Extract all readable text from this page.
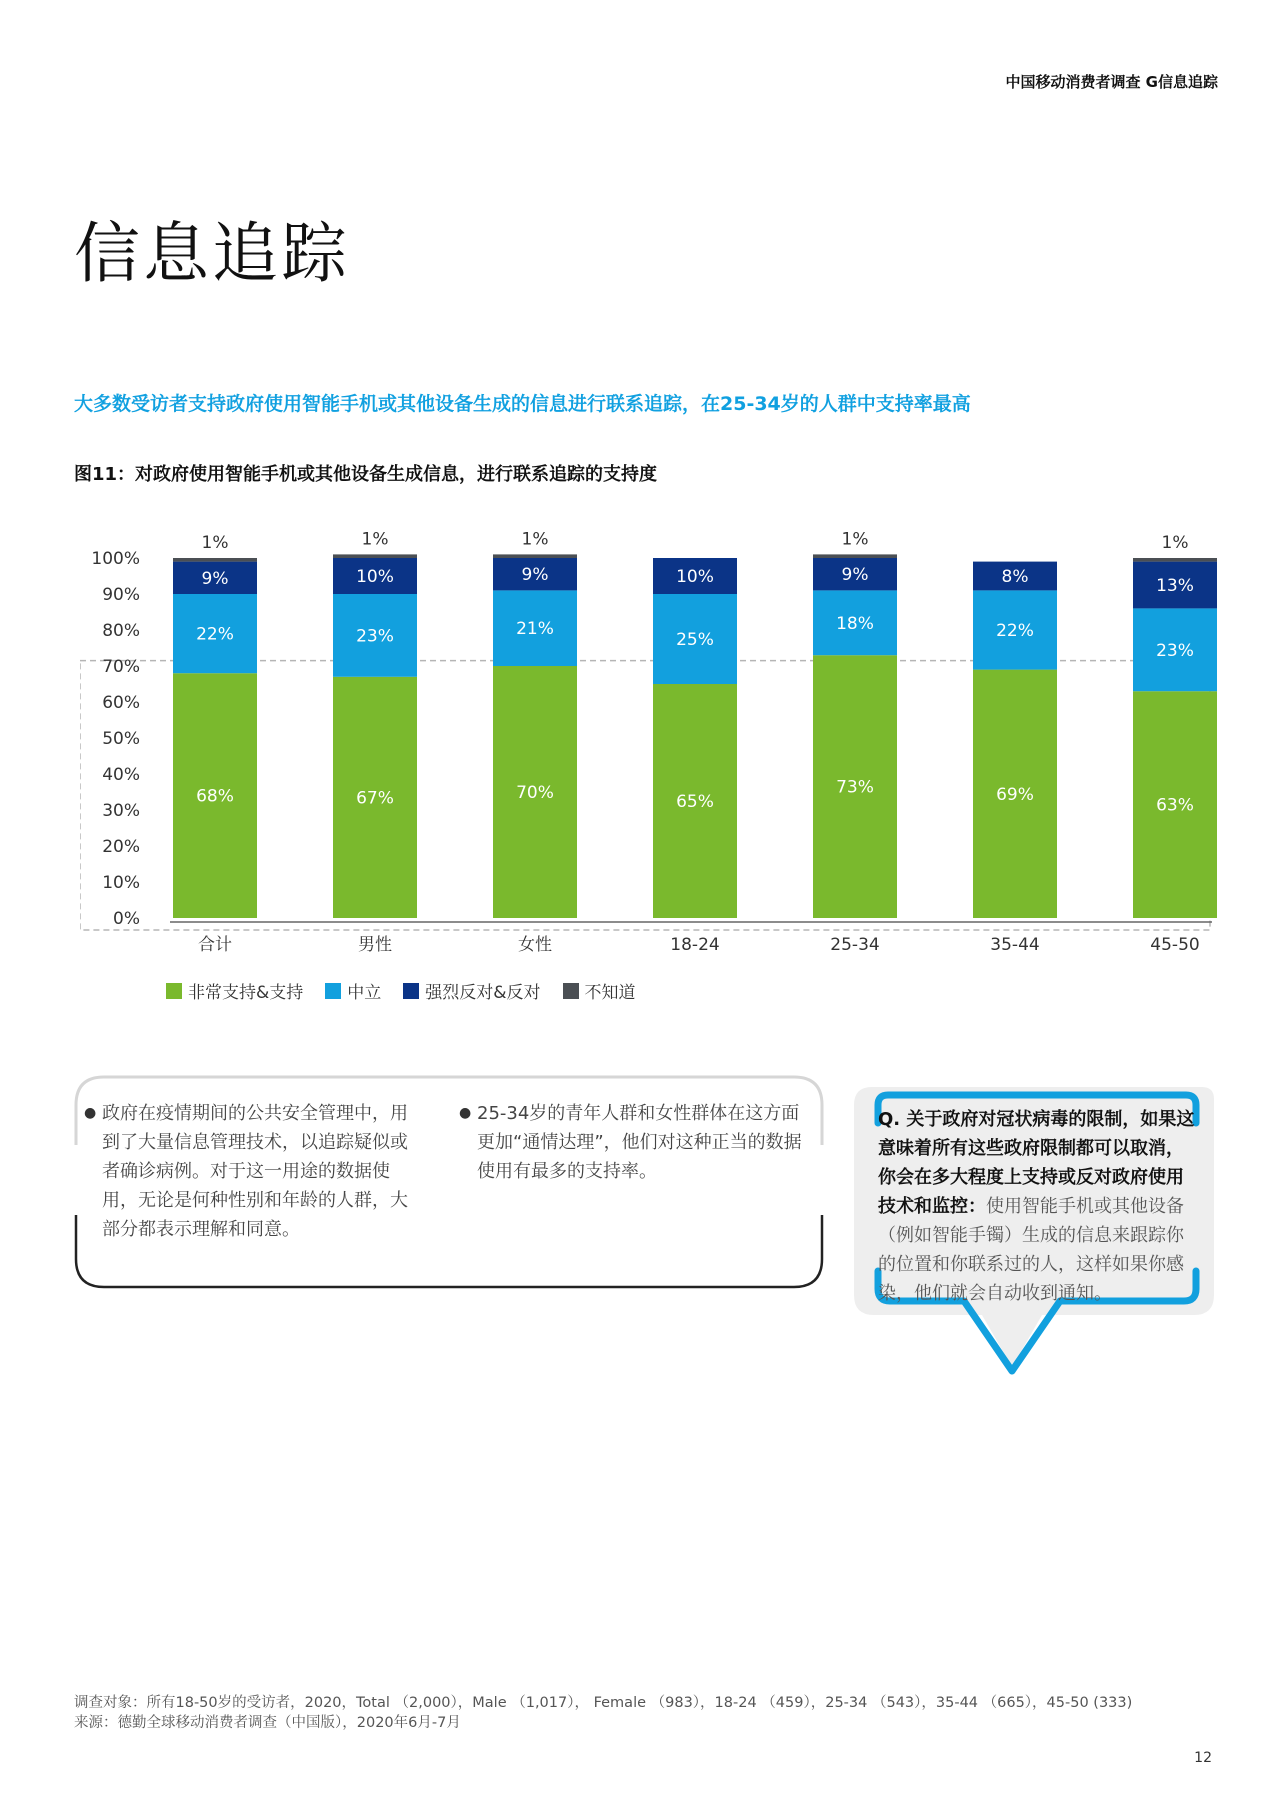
中国移动消费者调查 G信息追踪
信息追踪
大多数受访者支持政府使用智能手机或其他设备生成的信息进行联系追踪，在25-34岁的人群中支持率最高
图11：对政府使用智能手机或其他设备生成信息，进行联系追踪的支持度
0%
10%
20%
30%
40%
50%
60%
70%
80%
90%
100%
68%
22%
9%
1%
合计
67%
23%
10%
1%
男性
70%
21%
9%
1%
女性
65%
25%
10%
18-24
73%
18%
9%
1%
25-34
69%
22%
8%
35-44
63%
23%
13%
1%
45-50
非常支持&支持	中立	强烈反对&反对	不知道
● 政府在疫情期间的公共安全管理中，用到了大量信息管理技术，以追踪疑似或者确诊病例。对于这一用途的数据使用，无论是何种性别和年龄的人群，大部分都表示理解和同意。
● 25-34岁的青年人群和女性群体在这方面更加“通情达理”，他们对这种正当的数据使用有最多的支持率。
Q. 关于政府对冠状病毒的限制，如果这意味着所有这些政府限制都可以取消，你会在多大程度上支持或反对政府使用技术和监控：使用智能手机或其他设备（例如智能手镯）生成的信息来跟踪你的位置和你联系过的人，这样如果你感染，他们就会自动收到通知。
调查对象：所有18-50岁的受访者，2020，Total （2,000），Male （1,017）， Female （983），18-24 （459），25-34 （543），35-44 （665），45-50 (333)
来源：德勤全球移动消费者调查（中国版），2020年6月-7月
12
